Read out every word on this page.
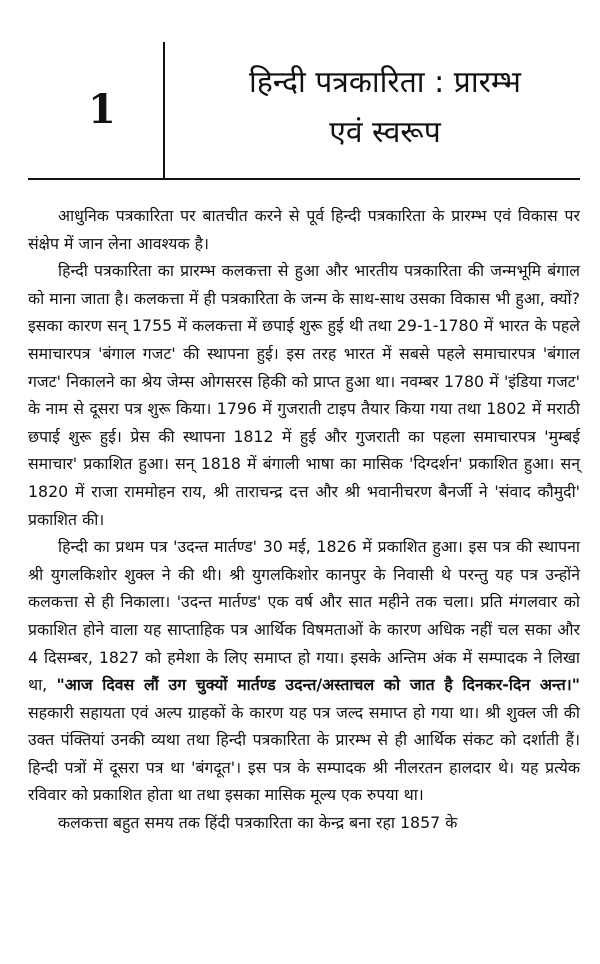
1
हिन्दी पत्रकारिता : प्रारम्भ
एवं स्वरूप

आधुनिक पत्रकारिता पर बातचीत करने से पूर्व हिन्दी पत्रकारिता के प्रारम्भ एवं विकास पर संक्षेप में जान लेना आवश्यक है।

हिन्दी पत्रकारिता का प्रारम्भ कलकत्ता से हुआ और भारतीय पत्रकारिता की जन्मभूमि बंगाल को माना जाता है। कलकत्ता में ही पत्रकारिता के जन्म के साथ-साथ उसका विकास भी हुआ, क्यों? इसका कारण सन् 1755 में कलकत्ता में छपाई शुरू हुई थी तथा 29-1-1780 में भारत के पहले समाचारपत्र 'बंगाल गजट' की स्थापना हुई। इस तरह भारत में सबसे पहले समाचारपत्र 'बंगाल गजट' निकालने का श्रेय जेम्स ओगसरस हिकी को प्राप्त हुआ था। नवम्बर 1780 में 'इंडिया गजट' के नाम से दूसरा पत्र शुरू किया। 1796 में गुजराती टाइप तैयार किया गया तथा 1802 में मराठी छपाई शुरू हुई। प्रेस की स्थापना 1812 में हुई और गुजराती का पहला समाचारपत्र 'मुम्बई समाचार' प्रकाशित हुआ। सन् 1818 में बंगाली भाषा का मासिक 'दिग्दर्शन' प्रकाशित हुआ। सन् 1820 में राजा राममोहन राय, श्री ताराचन्द्र दत्त और श्री भवानीचरण बैनर्जी ने 'संवाद कौमुदी' प्रकाशित की।

हिन्दी का प्रथम पत्र 'उदन्त मार्तण्ड' 30 मई, 1826 में प्रकाशित हुआ। इस पत्र की स्थापना श्री युगलकिशोर शुक्ल ने की थी। श्री युगलकिशोर कानपुर के निवासी थे परन्तु यह पत्र उन्होंने कलकत्ता से ही निकाला। 'उदन्त मार्तण्ड' एक वर्ष और सात महीने तक चला। प्रति मंगलवार को प्रकाशित होने वाला यह साप्ताहिक पत्र आर्थिक विषमताओं के कारण अधिक नहीं चल सका और 4 दिसम्बर, 1827 को हमेशा के लिए समाप्त हो गया। इसके अन्तिम अंक में सम्पादक ने लिखा था, "आज दिवस लौं उग चुक्यों मार्तण्ड उदन्त/अस्ताचल को जात है दिनकर-दिन अन्त।" सहकारी सहायता एवं अल्प ग्राहकों के कारण यह पत्र जल्द समाप्त हो गया था। श्री शुक्ल जी की उक्त पंक्तियां उनकी व्यथा तथा हिन्दी पत्रकारिता के प्रारम्भ से ही आर्थिक संकट को दर्शाती हैं। हिन्दी पत्रों में दूसरा पत्र था 'बंगदूत'। इस पत्र के सम्पादक श्री नीलरतन हालदार थे। यह प्रत्येक रविवार को प्रकाशित होता था तथा इसका मासिक मूल्य एक रुपया था।

कलकत्ता बहुत समय तक हिंदी पत्रकारिता का केन्द्र बना रहा 1857 के
